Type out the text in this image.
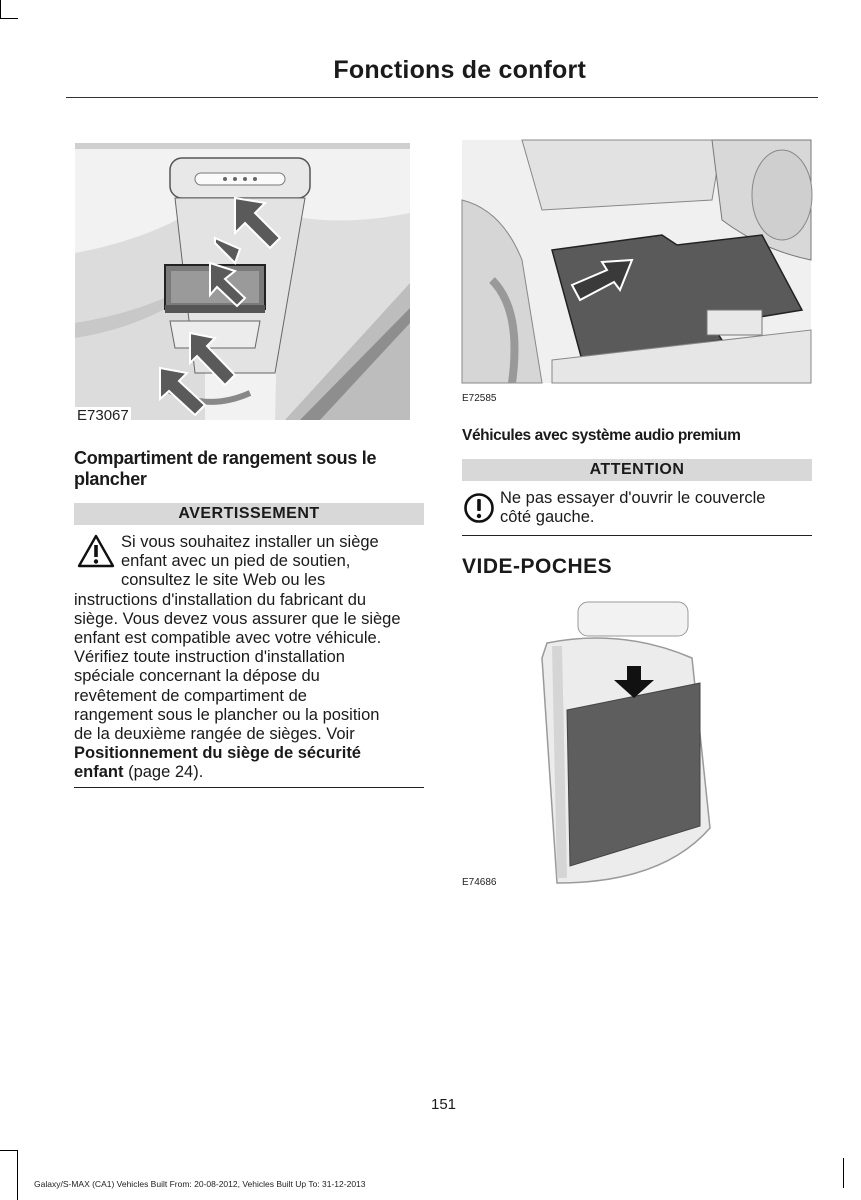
Fonctions de confort
E73067
E72585
Compartiment de rangement sous le plancher
AVERTISSEMENT
Si vous souhaitez installer un siège
enfant avec un pied de soutien,
consultez le site Web ou les
instructions d'installation du fabricant du
siège. Vous devez vous assurer que le siège
enfant est compatible avec votre véhicule.
Vérifiez toute instruction d'installation
spéciale concernant la dépose du
revêtement de compartiment de
rangement sous le plancher ou la position
de la deuxième rangée de sièges. Voir
Positionnement du siège de sécurité
enfant (page 24).
Véhicules avec système audio premium
ATTENTION
Ne pas essayer d'ouvrir le couvercle
côté gauche.
VIDE-POCHES
E74686
151
Galaxy/S-MAX (CA1) Vehicles Built From: 20-08-2012, Vehicles Built Up To: 31-12-2013
